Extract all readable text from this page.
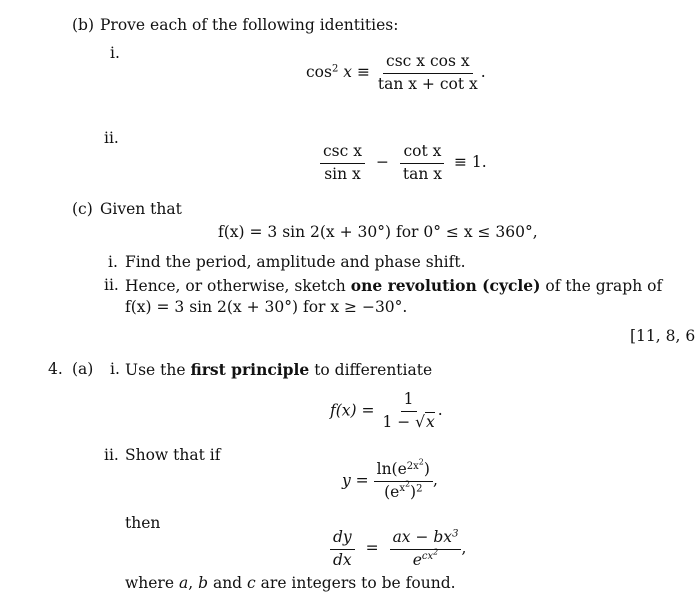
(b) Prove each of the following identities:
i.
$\cos^2 x \equiv \frac{\text{csc x cos x}}{\text{tan x + cot x}}$ .
ii.
$\frac{\text{csc x}}{\text{sin x}} - \frac{\text{cot x}}{\text{tan x}} \equiv 1$.
(c) Given that
f(x) = 3 sin 2(x + 30°) for 0° ≤ x ≤ 360°,
i. Find the period, amplitude and phase shift.
ii. Hence, or otherwise, sketch one revolution (cycle) of the graph of
f(x) = 3 sin 2(x + 30°) for x ≥ −30°.
[11, 8, 6
4. (a) i. Use the first principle to differentiate
$f(x) = \frac{1}{1 - √x}$ .
ii. Show that if
$y = \frac{\ln(e^{2x^2})}{(e^{x^2})^2}$ ,
then
$\frac{dy}{dx} = \frac{ax - bx^3}{e^{cx^2}}$ ,
where a, b and c are integers to be found.
